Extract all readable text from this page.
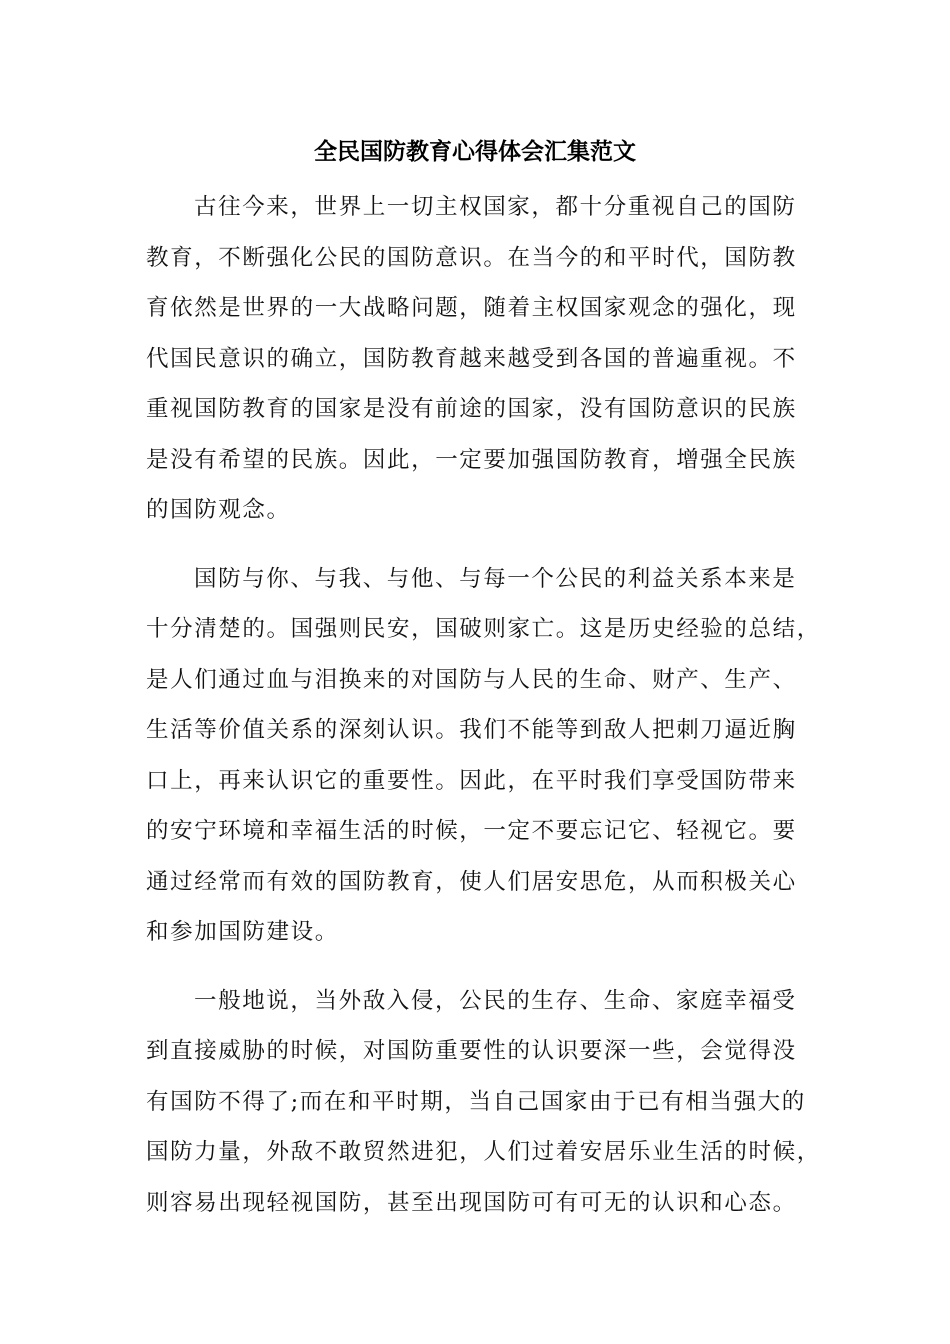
全民国防教育心得体会汇集范文

古往今来，世界上一切主权国家，都十分重视自己的国防
教育，不断强化公民的国防意识。在当今的和平时代，国防教
育依然是世界的一大战略问题，随着主权国家观念的强化，现
代国民意识的确立，国防教育越来越受到各国的普遍重视。不
重视国防教育的国家是没有前途的国家，没有国防意识的民族
是没有希望的民族。因此，一定要加强国防教育，增强全民族
的国防观念。

国防与你、与我、与他、与每一个公民的利益关系本来是
十分清楚的。国强则民安，国破则家亡。这是历史经验的总结，
是人们通过血与泪换来的对国防与人民的生命、财产、生产、
生活等价值关系的深刻认识。我们不能等到敌人把刺刀逼近胸
口上，再来认识它的重要性。因此，在平时我们享受国防带来
的安宁环境和幸福生活的时候，一定不要忘记它、轻视它。要
通过经常而有效的国防教育，使人们居安思危，从而积极关心
和参加国防建设。

一般地说，当外敌入侵，公民的生存、生命、家庭幸福受
到直接威胁的时候，对国防重要性的认识要深一些，会觉得没
有国防不得了;而在和平时期，当自己国家由于已有相当强大的
国防力量，外敌不敢贸然进犯，人们过着安居乐业生活的时候，
则容易出现轻视国防，甚至出现国防可有可无的认识和心态。
